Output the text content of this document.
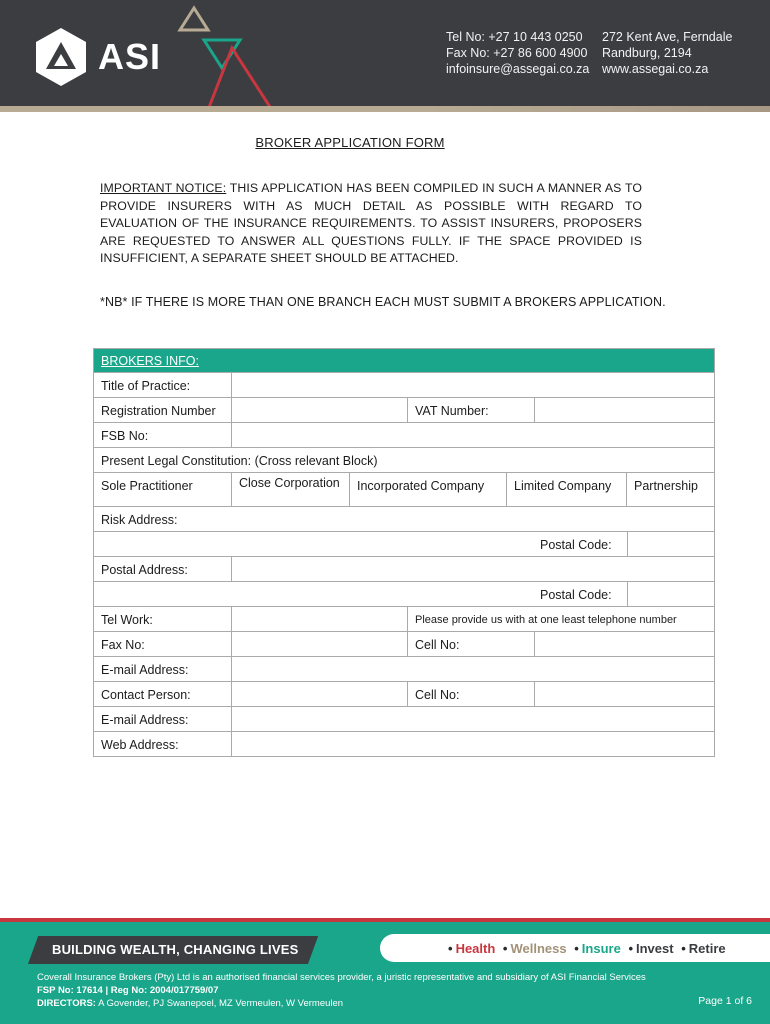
ASI	Tel No: +27 10 443 0250
Fax No: +27 86 600 4900
infoinsure@assegai.co.za
272 Kent Ave, Ferndale
Randburg, 2194
www.assegai.co.za
BROKER APPLICATION FORM
IMPORTANT NOTICE: THIS APPLICATION HAS BEEN COMPILED IN SUCH A MANNER AS TO PROVIDE INSURERS WITH AS MUCH DETAIL AS POSSIBLE WITH REGARD TO EVALUATION OF THE INSURANCE REQUIREMENTS. TO ASSIST INSURERS, PROPOSERS ARE REQUESTED TO ANSWER ALL QUESTIONS FULLY. IF THE SPACE PROVIDED IS INSUFFICIENT, A SEPARATE SHEET SHOULD BE ATTACHED.
*NB* IF THERE IS MORE THAN ONE BRANCH EACH MUST SUBMIT A BROKERS APPLICATION.
BROKERS INFO:
Title of Practice:
Registration Number	VAT Number:
FSB No:
Present Legal Constitution: (Cross relevant Block)
Sole Practitioner	Close Corporation	Incorporated Company	Limited Company	Partnership
Risk Address:
Postal Code:
Postal Address:
Postal Code:
Tel Work:	Please provide us with at one least telephone number
Fax No:	Cell No:
E-mail Address:
Contact Person:	Cell No:
E-mail Address:
Web Address:
BUILDING WEALTH, CHANGING LIVES	• Health • Wellness • Insure • Invest • Retire
Coverall Insurance Brokers (Pty) Ltd is an authorised financial services provider, a juristic representative and subsidiary of ASI Financial Services
FSP No: 17614 | Reg No: 2004/017759/07
DIRECTORS: A Govender, PJ Swanepoel, MZ Vermeulen, W Vermeulen	Page 1 of 6
